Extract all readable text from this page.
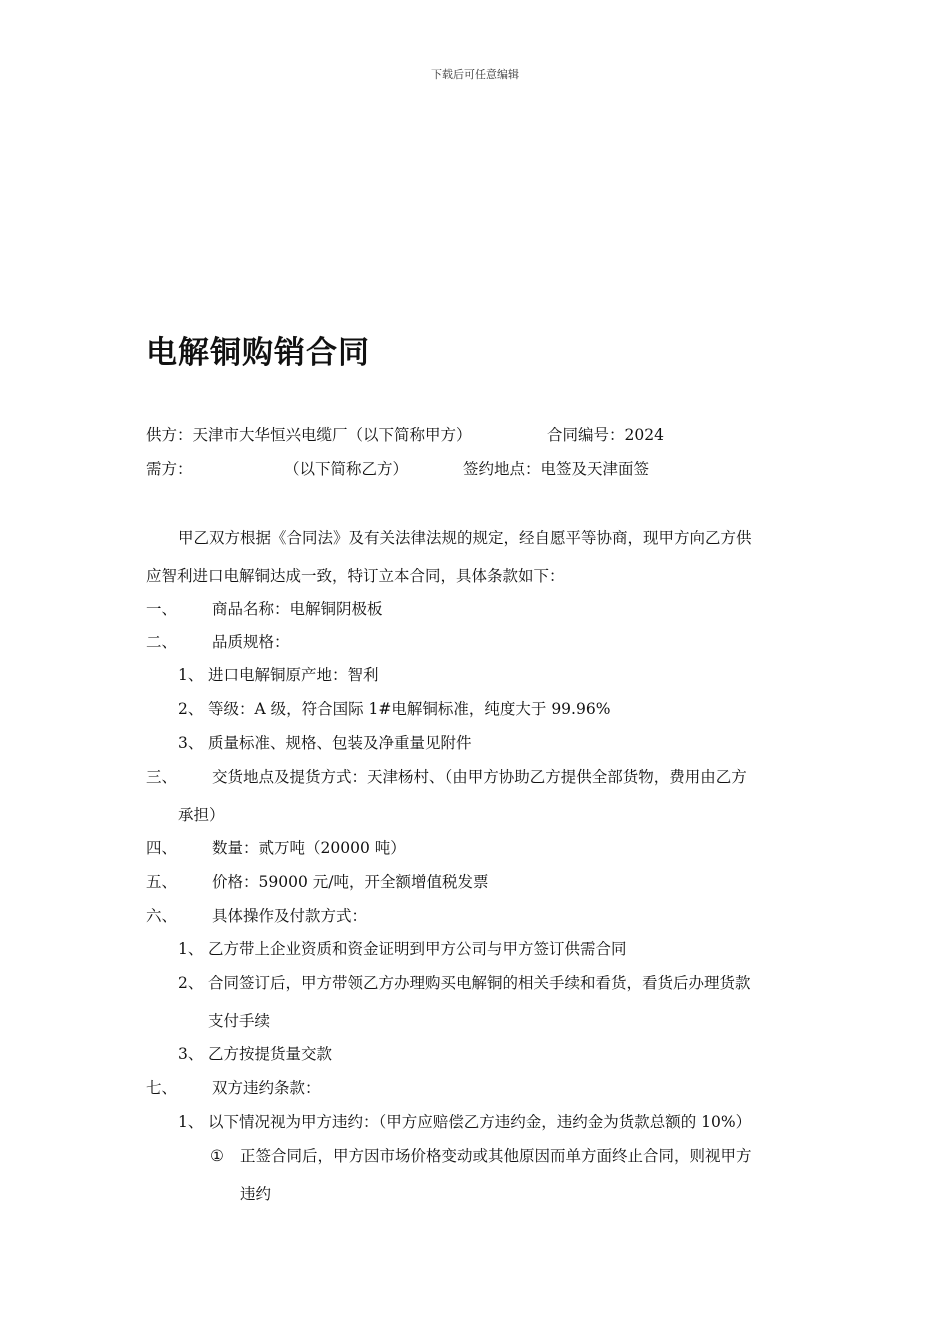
下载后可任意编辑
电解铜购销合同
供方：天津市大华恒兴电缆厂（以下简称甲方）	合同编号：2024
需方：	（以下简称乙方）	签约地点：电签及天津面签
甲乙双方根据《合同法》及有关法律法规的规定，经自愿平等协商，现甲方向乙方供
应智利进口电解铜达成一致，特订立本合同，具体条款如下：
一、 商品名称：电解铜阴极板
二、 品质规格：
1、 进口电解铜原产地：智利
2、 等级：A 级，符合国际 1#电解铜标准，纯度大于 99.96%
3、 质量标准、规格、包装及净重量见附件
三、 交货地点及提货方式：天津杨村、（由甲方协助乙方提供全部货物，费用由乙方
承担）
四、 数量：贰万吨（20000 吨）
五、 价格：59000 元/吨，开全额增值税发票
六、 具体操作及付款方式：
1、 乙方带上企业资质和资金证明到甲方公司与甲方签订供需合同
2、 合同签订后，甲方带领乙方办理购买电解铜的相关手续和看货，看货后办理货款
支付手续
3、 乙方按提货量交款
七、 双方违约条款：
1、 以下情况视为甲方违约：（甲方应赔偿乙方违约金，违约金为货款总额的 10%）
① 正签合同后，甲方因市场价格变动或其他原因而单方面终止合同，则视甲方
违约
